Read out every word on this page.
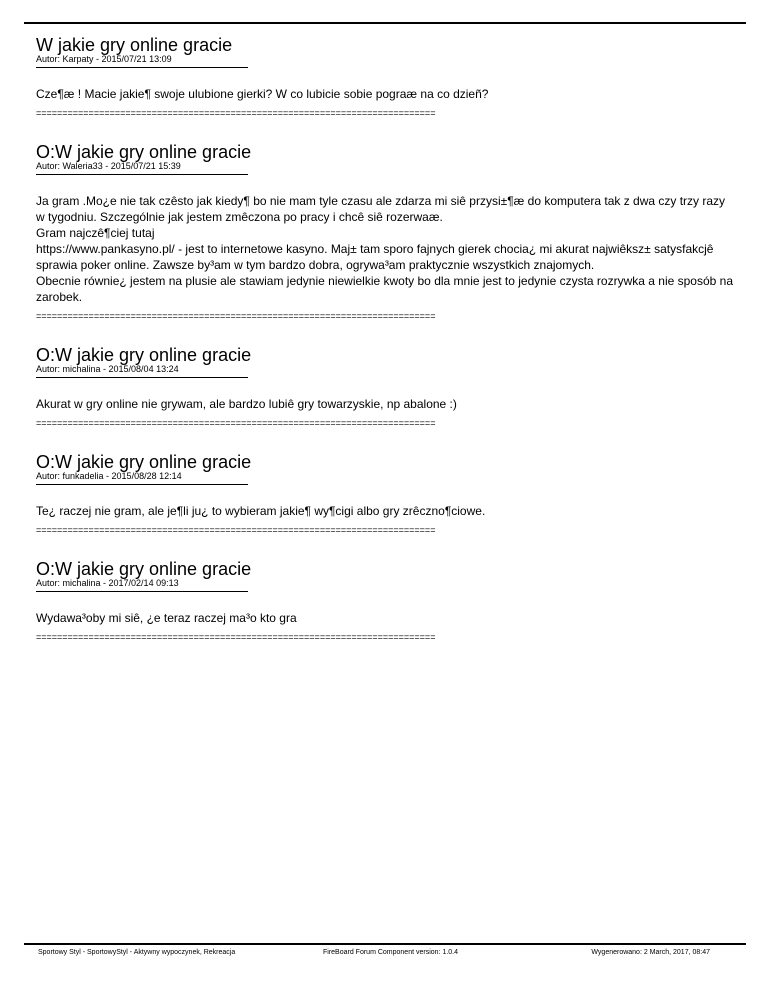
W jakie gry online gracie
Autor: Karpaty - 2015/07/21 13:09

Cze¶æ ! Macie jakie¶ swoje ulubione gierki? W co lubicie sobie pograæ na co dzieñ?

============================================================================
O:W jakie gry online gracie
Autor: Waleria33 - 2015/07/21 15:39

Ja gram .Mo¿e nie tak czêsto jak kiedy¶ bo nie mam tyle czasu ale zdarza mi siê przysi±¶æ do komputera tak z dwa czy trzy razy w tygodniu. Szczególnie jak jestem zmêczona po pracy i chcê siê rozerwaæ.
Gram najczê¶ciej tutaj
https://www.pankasyno.pl/ - jest to internetowe kasyno. Maj± tam sporo fajnych gierek chocia¿ mi akurat najwiêksz± satysfakcjê sprawia poker online. Zawsze by³am w tym bardzo dobra, ogrywa³am praktycznie wszystkich znajomych.
Obecnie równie¿ jestem na plusie ale stawiam jedynie niewielkie kwoty bo dla mnie jest to jedynie czysta rozrywka a nie sposób na zarobek.

============================================================================
O:W jakie gry online gracie
Autor: michalina - 2015/08/04 13:24

Akurat w gry online nie grywam, ale bardzo lubiê gry towarzyskie, np abalone :)

============================================================================
O:W jakie gry online gracie
Autor: funkadelia - 2015/08/28 12:14

Te¿ raczej nie gram, ale je¶li ju¿ to wybieram jakie¶ wy¶cigi albo gry zrêczno¶ciowe.

============================================================================
O:W jakie gry online gracie
Autor: michalina - 2017/02/14 09:13

Wydawa³oby mi siê, ¿e teraz raczej ma³o kto gra

============================================================================
Sportowy Styl - SportowyStyl - Aktywny wypoczynek, Rekreacja	FireBoard Forum Component version: 1.0.4	Wygenerowano: 2 March, 2017, 08:47
